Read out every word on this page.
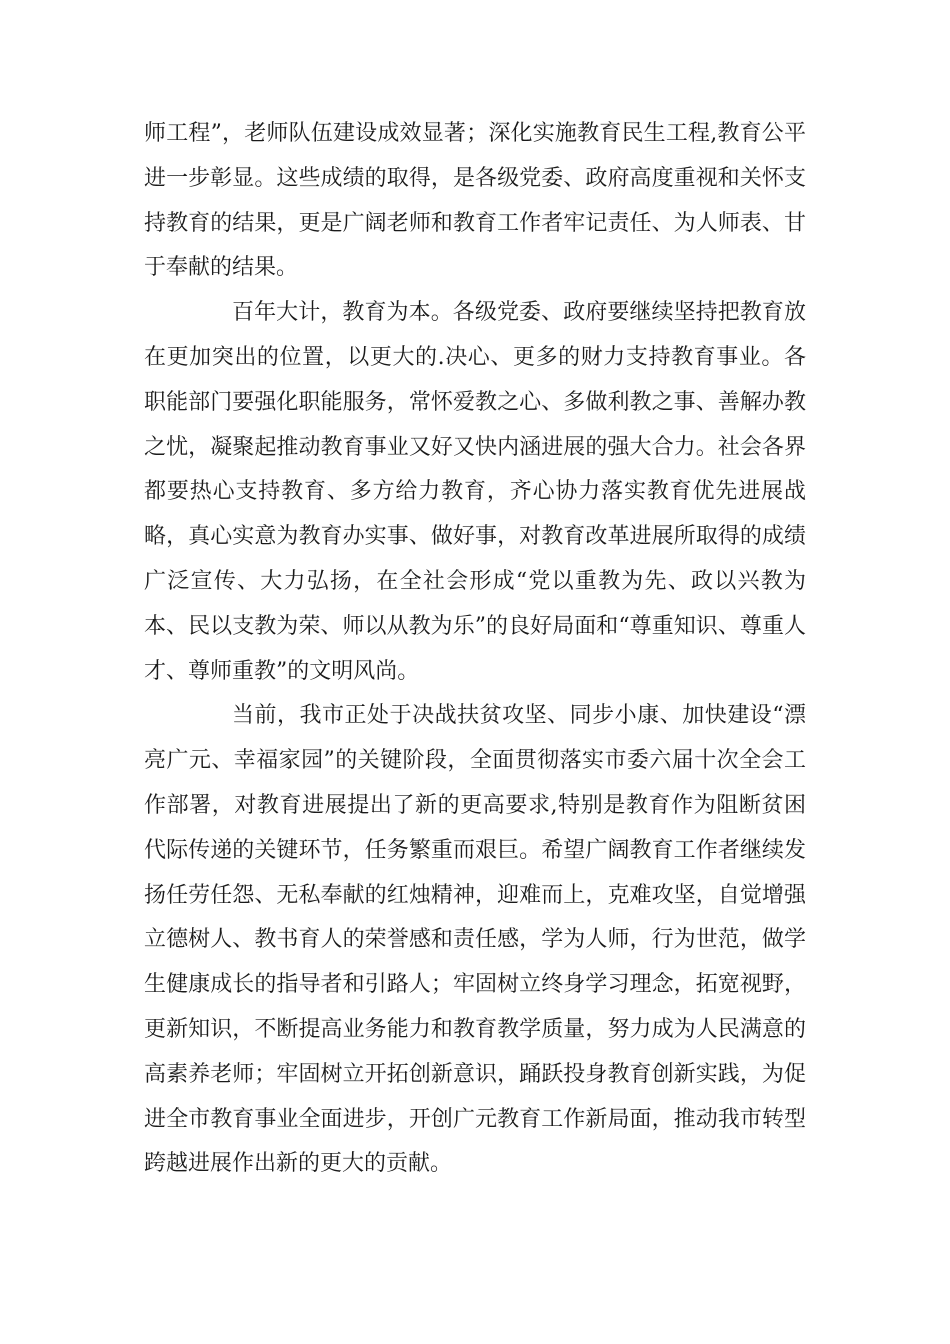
师工程”，老师队伍建设成效显著；深化实施教育民生工程,教育公平进一步彰显。这些成绩的取得，是各级党委、政府高度重视和关怀支持教育的结果，更是广阔老师和教育工作者牢记责任、为人师表、甘于奉献的结果。

百年大计，教育为本。各级党委、政府要继续坚持把教育放在更加突出的位置，以更大的.决心、更多的财力支持教育事业。各职能部门要强化职能服务，常怀爱教之心、多做利教之事、善解办教之忧，凝聚起推动教育事业又好又快内涵进展的强大合力。社会各界都要热心支持教育、多方给力教育，齐心协力落实教育优先进展战略，真心实意为教育办实事、做好事，对教育改革进展所取得的成绩广泛宣传、大力弘扬，在全社会形成“党以重教为先、政以兴教为本、民以支教为荣、师以从教为乐”的良好局面和“尊重知识、尊重人才、尊师重教”的文明风尚。

当前，我市正处于决战扶贫攻坚、同步小康、加快建设“漂亮广元、幸福家园”的关键阶段，全面贯彻落实市委六届十次全会工作部署，对教育进展提出了新的更高要求,特别是教育作为阻断贫困代际传递的关键环节，任务繁重而艰巨。希望广阔教育工作者继续发扬任劳任怨、无私奉献的红烛精神，迎难而上，克难攻坚，自觉增强立德树人、教书育人的荣誉感和责任感，学为人师，行为世范，做学生健康成长的指导者和引路人；牢固树立终身学习理念，拓宽视野，更新知识，不断提高业务能力和教育教学质量，努力成为人民满意的高素养老师；牢固树立开拓创新意识，踊跃投身教育创新实践，为促进全市教育事业全面进步，开创广元教育工作新局面，推动我市转型跨越进展作出新的更大的贡献。
